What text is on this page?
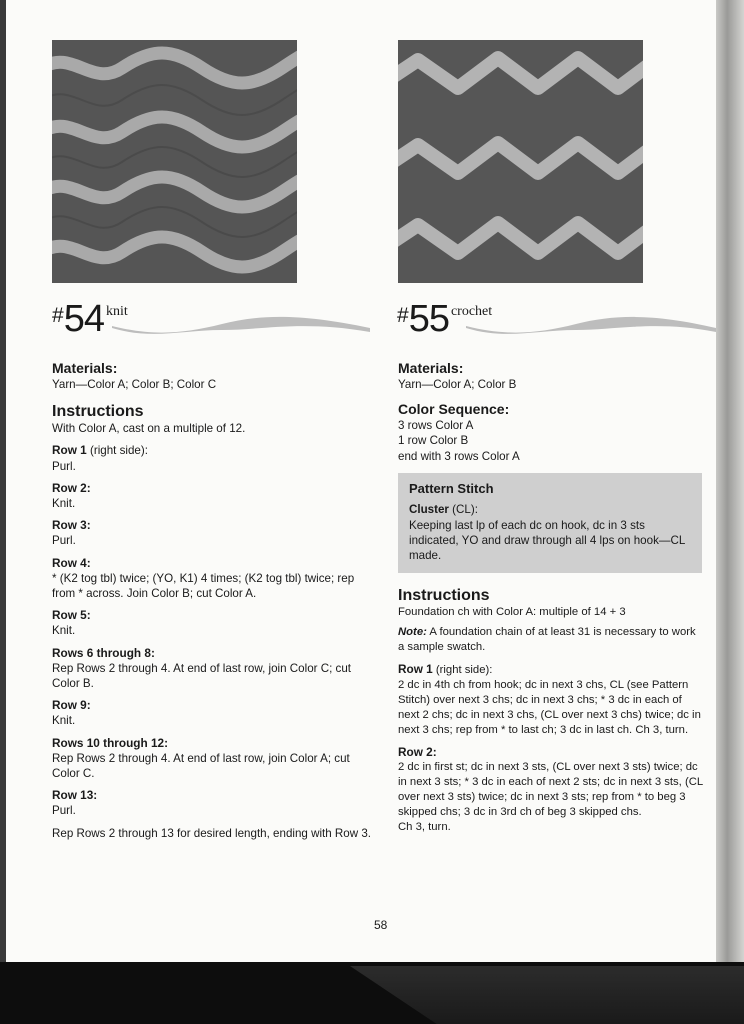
#54 knit	#55 crochet
Materials:
Yarn—Color A; Color B; Color C
Instructions
With Color A, cast on a multiple of 12.
Row 1 (right side):
Purl.
Row 2:
Knit.
Row 3:
Purl.
Row 4:
* (K2 tog tbl) twice; (YO, K1) 4 times; (K2 tog tbl) twice; rep from * across. Join Color B; cut Color A.
Row 5:
Knit.
Rows 6 through 8:
Rep Rows 2 through 4. At end of last row, join Color C; cut Color B.
Row 9:
Knit.
Rows 10 through 12:
Rep Rows 2 through 4. At end of last row, join Color A; cut Color C.
Row 13:
Purl.
Rep Rows 2 through 13 for desired length, ending with Row 3.
Materials:
Yarn—Color A; Color B
Color Sequence:
3 rows Color A
1 row Color B
end with 3 rows Color A
Pattern Stitch
Cluster (CL):
Keeping last lp of each dc on hook, dc in 3 sts indicated, YO and draw through all 4 lps on hook—CL made.
Instructions
Foundation ch with Color A: multiple of 14 + 3
Note: A foundation chain of at least 31 is necessary to work a sample swatch.
Row 1 (right side):
2 dc in 4th ch from hook; dc in next 3 chs, CL (see Pattern Stitch) over next 3 chs; dc in next 3 chs; * 3 dc in each of next 2 chs; dc in next 3 chs, (CL over next 3 chs) twice; dc in next 3 chs; rep from * to last ch; 3 dc in last ch. Ch 3, turn.
Row 2:
2 dc in first st; dc in next 3 sts, (CL over next 3 sts) twice; dc in next 3 sts; * 3 dc in each of next 2 sts; dc in next 3 sts, (CL over next 3 sts) twice; dc in next 3 sts; rep from * to beg 3 skipped chs; 3 dc in 3rd ch of beg 3 skipped chs.
Ch 3, turn.
58
